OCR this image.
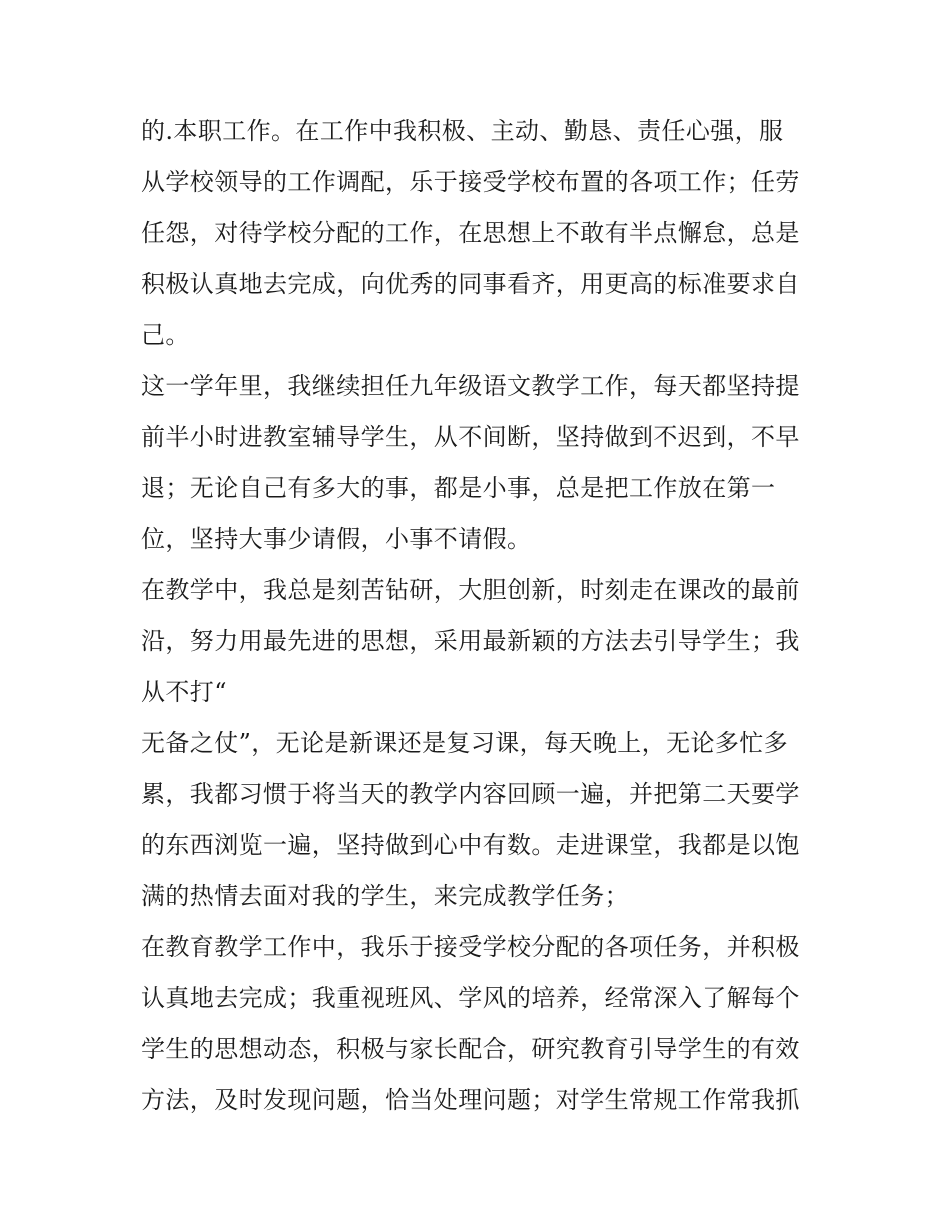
的.本职工作。在工作中我积极、主动、勤恳、责任心强，服
从学校领导的工作调配，乐于接受学校布置的各项工作；任劳
任怨，对待学校分配的工作，在思想上不敢有半点懈怠，总是
积极认真地去完成，向优秀的同事看齐，用更高的标准要求自
己。
这一学年里，我继续担任九年级语文教学工作，每天都坚持提
前半小时进教室辅导学生，从不间断，坚持做到不迟到，不早
退；无论自己有多大的事，都是小事，总是把工作放在第一
位，坚持大事少请假，小事不请假。
在教学中，我总是刻苦钻研，大胆创新，时刻走在课改的最前
沿，努力用最先进的思想，采用最新颖的方法去引导学生；我
从不打“
无备之仗”，无论是新课还是复习课，每天晚上，无论多忙多
累，我都习惯于将当天的教学内容回顾一遍，并把第二天要学
的东西浏览一遍，坚持做到心中有数。走进课堂，我都是以饱
满的热情去面对我的学生，来完成教学任务；
在教育教学工作中，我乐于接受学校分配的各项任务，并积极
认真地去完成；我重视班风、学风的培养，经常深入了解每个
学生的思想动态，积极与家长配合，研究教育引导学生的有效
方法，及时发现问题，恰当处理问题；对学生常规工作常我抓
